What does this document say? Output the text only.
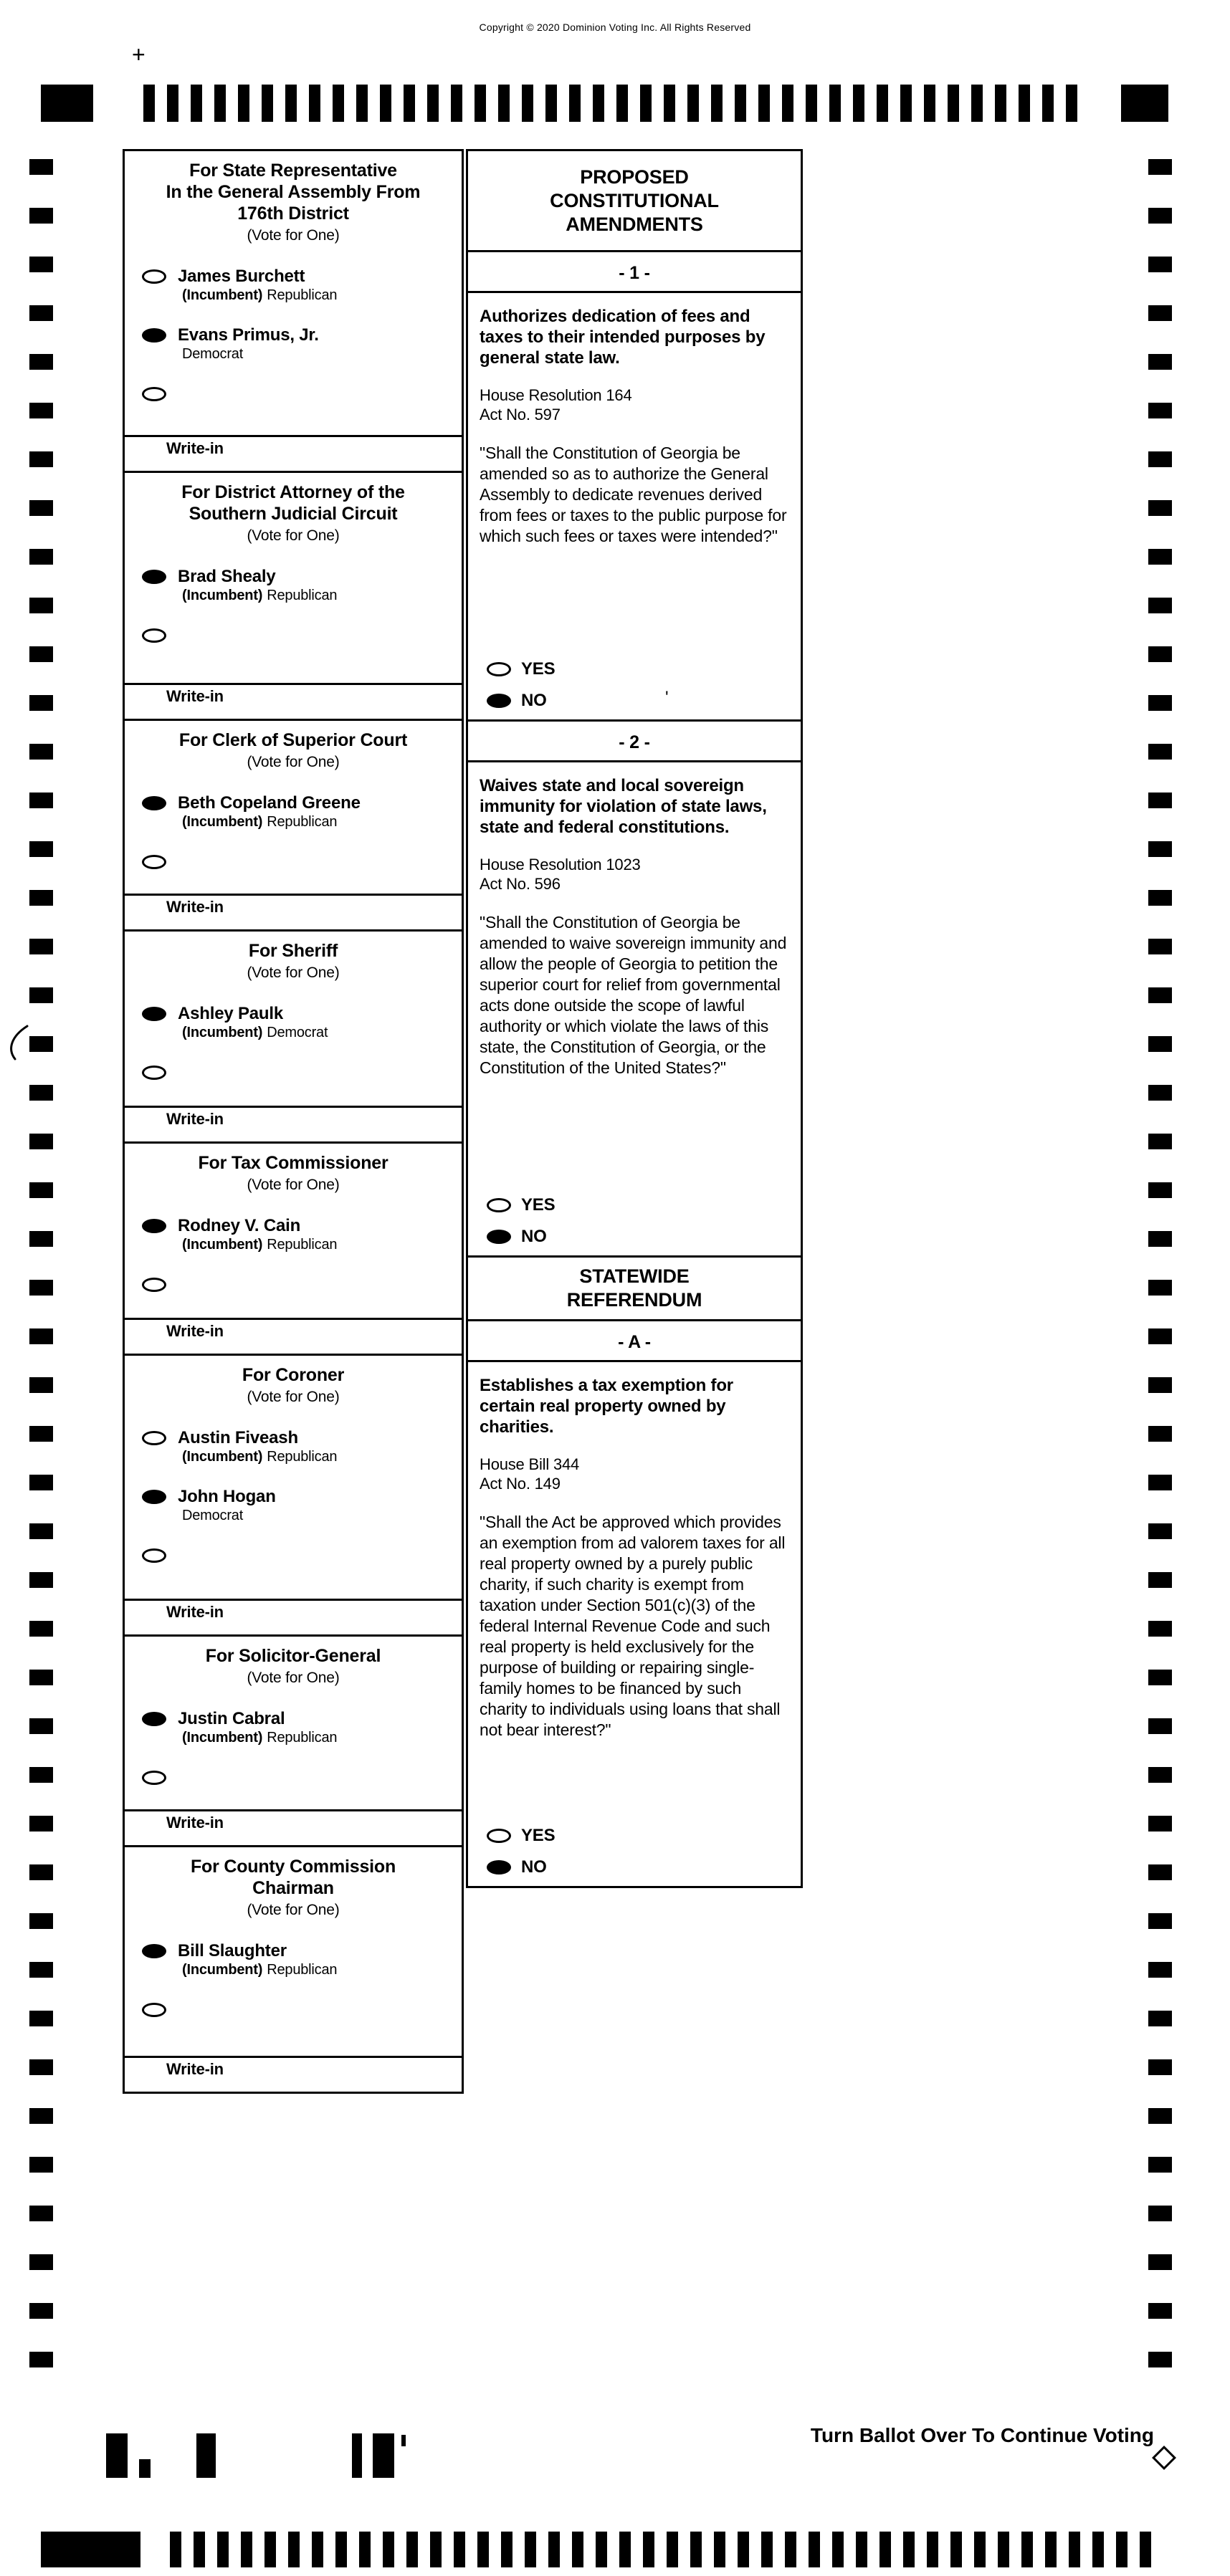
Copyright © 2020 Dominion Voting Inc. All Rights Reserved
+
For State Representative
In the General Assembly From
176th District
(Vote for One)
James Burchett
(Incumbent) Republican
Evans Primus, Jr.
Democrat
Write-in
For District Attorney of the
Southern Judicial Circuit
(Vote for One)
Brad Shealy
(Incumbent) Republican
Write-in
For Clerk of Superior Court
(Vote for One)
Beth Copeland Greene
(Incumbent) Republican
Write-in
For Sheriff
(Vote for One)
Ashley Paulk
(Incumbent) Democrat
Write-in
For Tax Commissioner
(Vote for One)
Rodney V. Cain
(Incumbent) Republican
Write-in
For Coroner
(Vote for One)
Austin Fiveash
(Incumbent) Republican
John Hogan
Democrat
Write-in
For Solicitor-General
(Vote for One)
Justin Cabral
(Incumbent) Republican
Write-in
For County Commission
Chairman
(Vote for One)
Bill Slaughter
(Incumbent) Republican
Write-in
PROPOSED
CONSTITUTIONAL
AMENDMENTS
- 1 -
Authorizes dedication of fees and taxes to their intended purposes by general state law.
House Resolution 164
Act No. 597
"Shall the Constitution of Georgia be amended so as to authorize the General Assembly to dedicate revenues derived from fees or taxes to the public purpose for which such fees or taxes were intended?"
YES
NO
- 2 -
Waives state and local sovereign immunity for violation of state laws, state and federal constitutions.
House Resolution 1023
Act No. 596
"Shall the Constitution of Georgia be amended to waive sovereign immunity and allow the people of Georgia to petition the superior court for relief from governmental acts done outside the scope of lawful authority or which violate the laws of this state, the Constitution of Georgia, or the Constitution of the United States?"
YES
NO
STATEWIDE
REFERENDUM
- A -
Establishes a tax exemption for certain real property owned by charities.
House Bill 344
Act No. 149
"Shall the Act be approved which provides an exemption from ad valorem taxes for all real property owned by a purely public charity, if such charity is exempt from taxation under Section 501(c)(3) of the federal Internal Revenue Code and such real property is held exclusively for the purpose of building or repairing single-family homes to be financed by such charity to individuals using loans that shall not bear interest?"
YES
NO
'
Turn Ballot Over To Continue Voting
